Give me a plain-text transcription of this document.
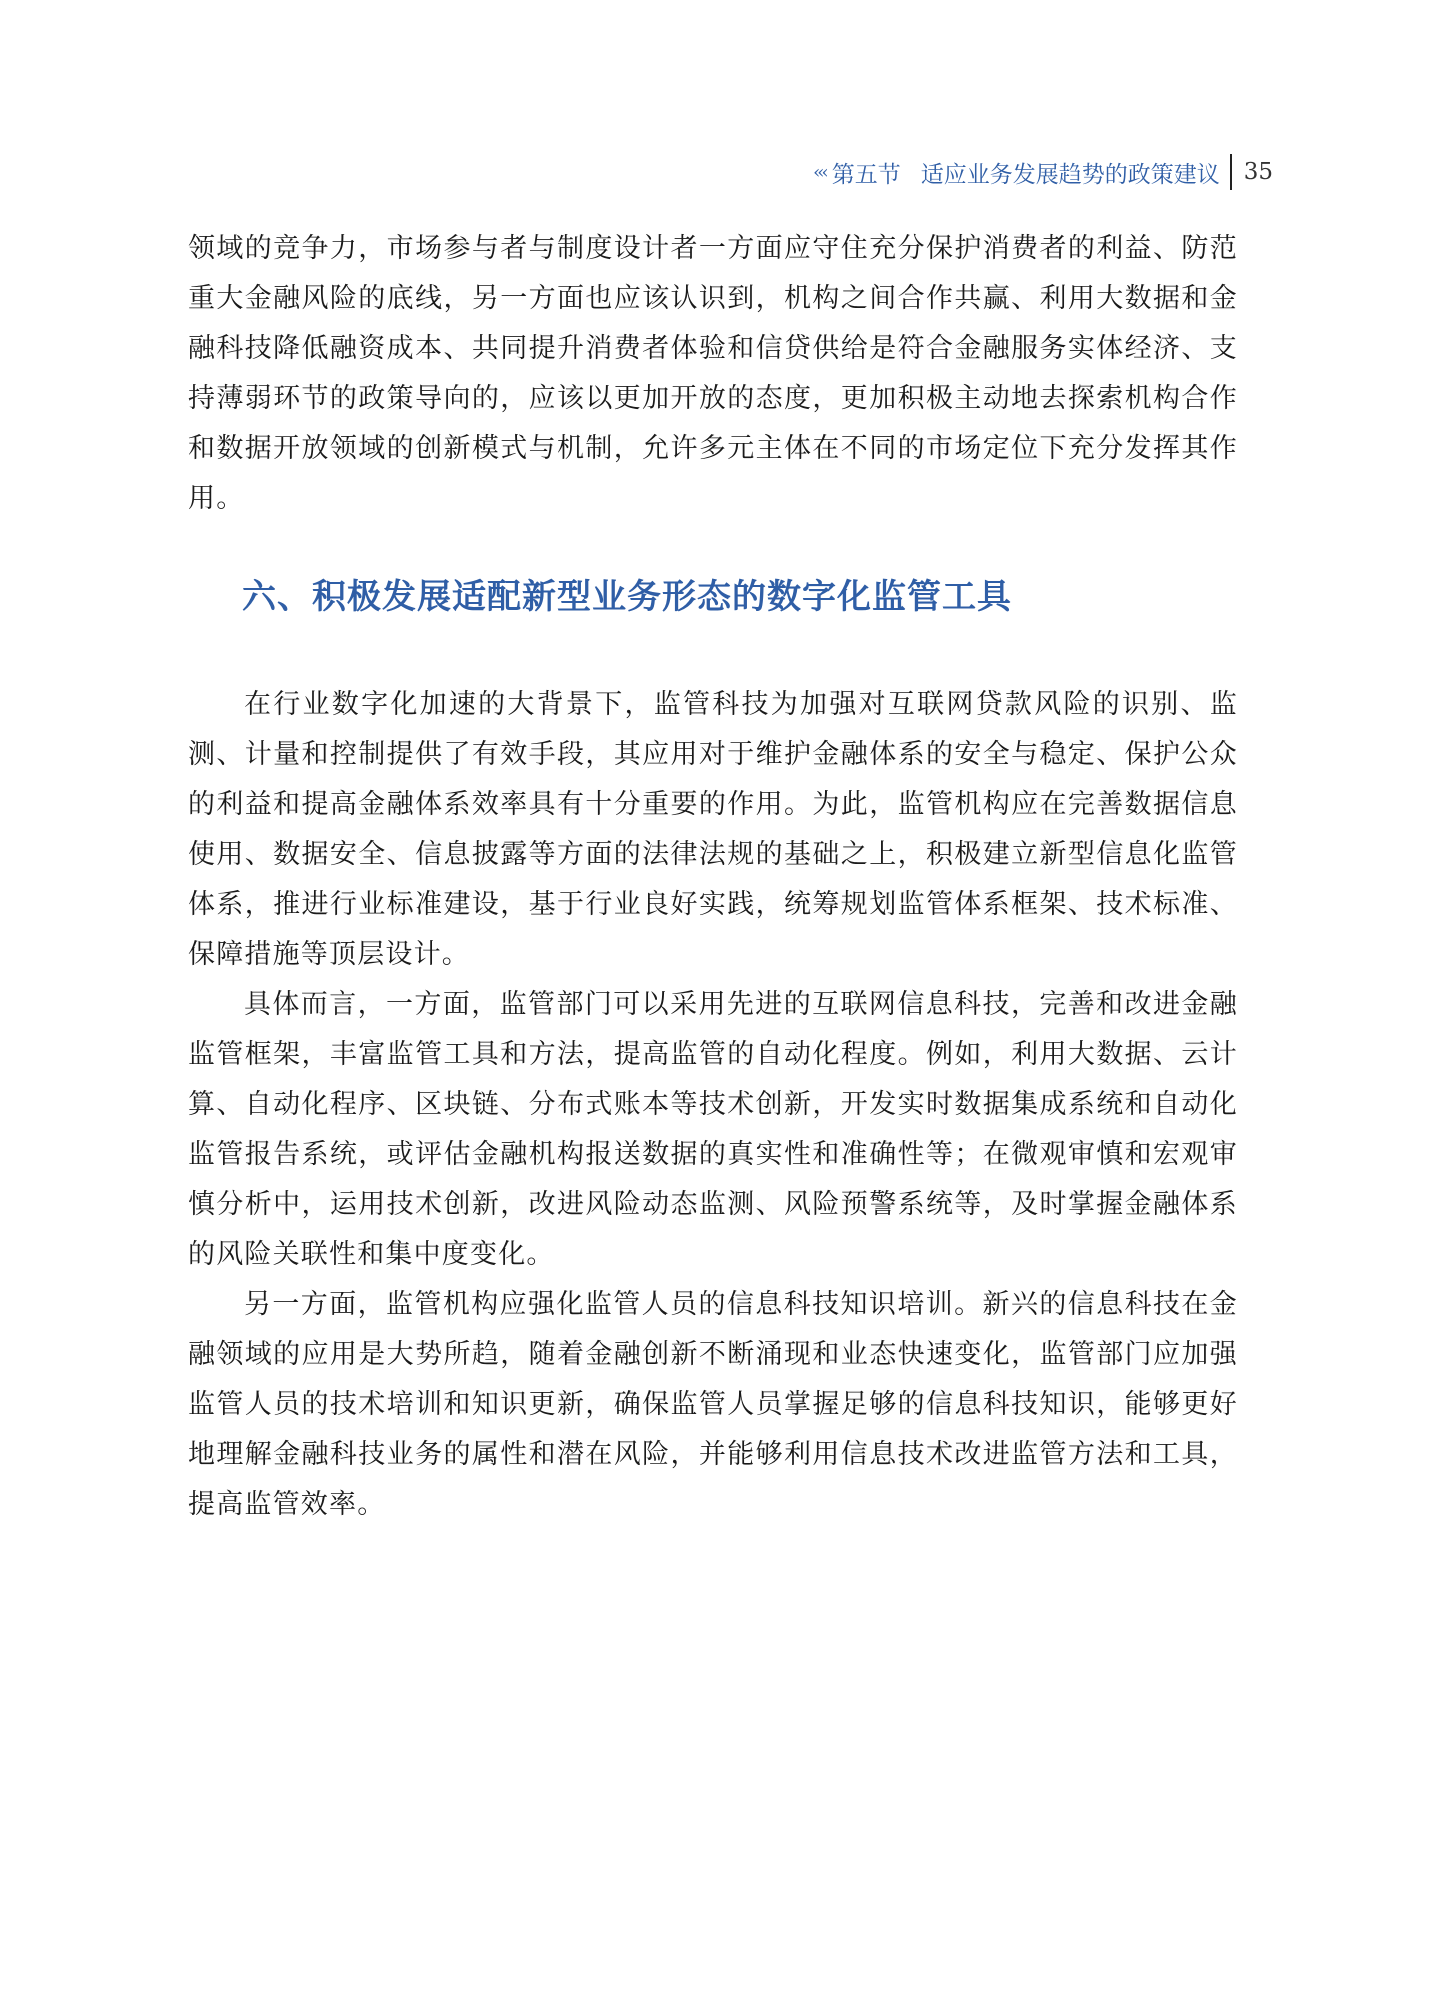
‹‹‹ 第五节 适应业务发展趋势的政策建议 35

领域的竞争力，市场参与者与制度设计者一方面应守住充分保护消费者的利益、防范重大金融风险的底线，另一方面也应该认识到，机构之间合作共赢、利用大数据和金融科技降低融资成本、共同提升消费者体验和信贷供给是符合金融服务实体经济、支持薄弱环节的政策导向的，应该以更加开放的态度，更加积极主动地去探索机构合作和数据开放领域的创新模式与机制，允许多元主体在不同的市场定位下充分发挥其作用。

六、积极发展适配新型业务形态的数字化监管工具

在行业数字化加速的大背景下，监管科技为加强对互联网贷款风险的识别、监测、计量和控制提供了有效手段，其应用对于维护金融体系的安全与稳定、保护公众的利益和提高金融体系效率具有十分重要的作用。为此，监管机构应在完善数据信息使用、数据安全、信息披露等方面的法律法规的基础之上，积极建立新型信息化监管体系，推进行业标准建设，基于行业良好实践，统筹规划监管体系框架、技术标准、保障措施等顶层设计。

具体而言，一方面，监管部门可以采用先进的互联网信息科技，完善和改进金融监管框架，丰富监管工具和方法，提高监管的自动化程度。例如，利用大数据、云计算、自动化程序、区块链、分布式账本等技术创新，开发实时数据集成系统和自动化监管报告系统，或评估金融机构报送数据的真实性和准确性等；在微观审慎和宏观审慎分析中，运用技术创新，改进风险动态监测、风险预警系统等，及时掌握金融体系的风险关联性和集中度变化。

另一方面，监管机构应强化监管人员的信息科技知识培训。新兴的信息科技在金融领域的应用是大势所趋，随着金融创新不断涌现和业态快速变化，监管部门应加强监管人员的技术培训和知识更新，确保监管人员掌握足够的信息科技知识，能够更好地理解金融科技业务的属性和潜在风险，并能够利用信息技术改进监管方法和工具，提高监管效率。
